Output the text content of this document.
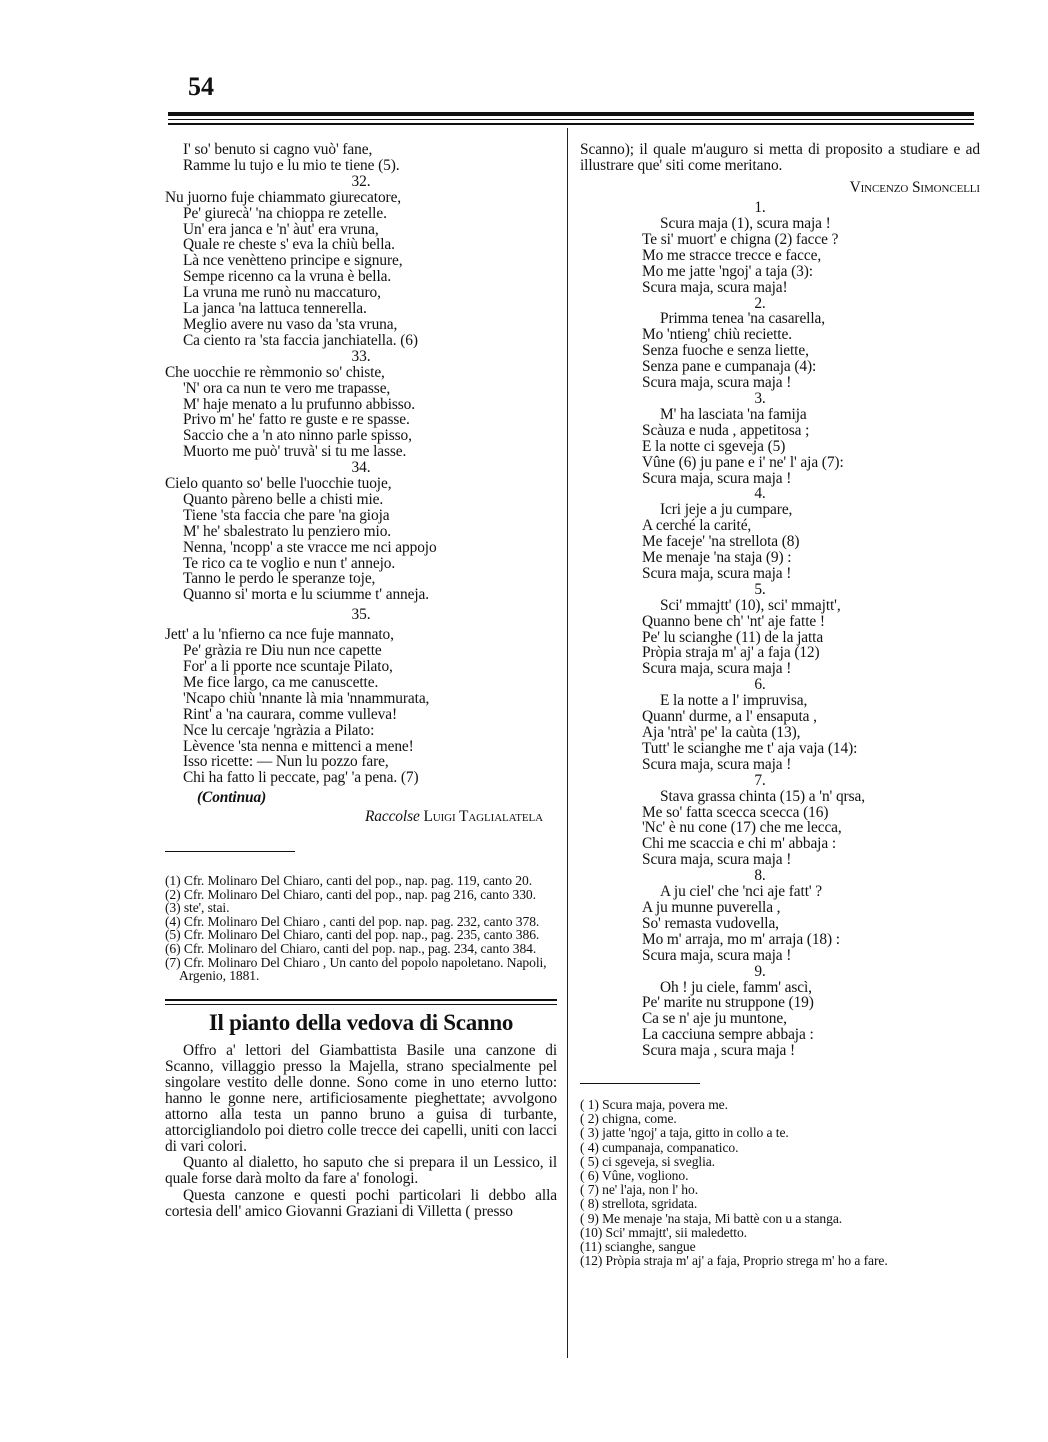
54
I' so' benuto si cagno vuò' fane,
Ramme lu tujo e lu mio te tiene (5).
32.
Nu juorno fuje chiammato giurecatore,
Pe' giurecà' 'na chioppa re zetelle.
Un' era janca e 'n' àut' era vruna,
Quale re cheste s' eva la chiù bella.
Là nce venètteno principe e signure,
Sempe ricenno ca la vruna è bella.
La vruna me runò nu maccaturo,
La janca 'na lattuca tennerella.
Meglio avere nu vaso da 'sta vruna,
Ca ciento ra 'sta faccia janchiatella. (6)
33.
Che uocchie re rèmmonio so' chiste,
'N' ora ca nun te vero me trapasse,
M' haje menato a lu prufunno abbisso.
Privo m' he' fatto re guste e re spasse.
Saccio che a 'n ato ninno parle spisso,
Muorto me può' truvà' si tu me lasse.
34.
Cielo quanto so' belle l'uocchie tuoje,
Quanto pàreno belle a chisti mie.
Tiene 'sta faccia che pare 'na gioja
M' he' sbalestrato lu penziero mio.
Nenna, 'ncopp' a ste vracce me nci appojo
Te rico ca te voglio e nun t' annejo.
Tanno le perdo le speranze toje,
Quanno si' morta e lu sciumme t' anneja.
35.
Jett' a lu 'nfierno ca nce fuje mannato,
Pe' gràzia re Diu nun nce capette
For' a li pporte nce scuntaje Pilato,
Me fice largo, ca me canuscette.
'Ncapo chiù 'nnante là mia 'nnammurata,
Rint' a 'na caurara, comme vulleva!
Nce lu cercaje 'ngràzia a Pilato:
Lèvence 'sta nenna e mittenci a mene!
Isso ricette: — Nun lu pozzo fare,
Chi ha fatto li peccate, pag' 'a pena. (7)
(Continua)
Raccolse Luigi Taglialatela
(1) Cfr. Molinaro Del Chiaro, canti del pop., nap. pag. 119, canto 20.
(2) Cfr. Molinaro Del Chiaro, canti del pop., nap. pag 216, canto 330.
(3) ste', stai.
(4) Cfr. Molinaro Del Chiaro , canti del pop. nap. pag. 232, canto 378.
(5) Cfr. Molinaro Del Chiaro, canti del pop. nap., pag. 235, canto 386.
(6) Cfr. Molinaro del Chiaro, canti del pop. nap., pag. 234, canto 384.
(7) Cfr. Molinaro Del Chiaro , Un canto del popolo napoletano. Napoli, Argenio, 1881.
Il pianto della vedova di Scanno

Offro a' lettori del Giambattista Basile una canzone di Scanno, villaggio presso la Majella, strano specialmente pel singolare vestito delle donne. Sono come in uno eterno lutto: hanno le gonne nere, artificiosamente pieghettate; avvolgono attorno alla testa un panno bruno a guisa di turbante, attorcigliandolo poi dietro colle trecce dei capelli, uniti con lacci di vari colori.

Quanto al dialetto, ho saputo che si prepara il un Lessico, il quale forse darà molto da fare a' fonologi.

Questa canzone e questi pochi particolari li debbo alla cortesia dell' amico Giovanni Graziani di Villetta ( presso

Scanno); il quale m'auguro si metta di proposito a studiare e ad illustrare que' siti come meritano.
Vincenzo Simoncelli
1.
Scura maja (1), scura maja !
Te si' muort' e chigna (2) facce ?
Mo me stracce trecce e facce,
Mo me jatte 'ngoj' a taja (3):
Scura maja, scura maja!
2.
Primma tenea 'na casarella,
Mo 'ntieng' chiù reciette.
Senza fuoche e senza liette,
Senza pane e cumpanaja (4):
Scura maja, scura maja !
3.
M' ha lasciata 'na famija
Scàuza e nuda , appetitosa ;
E la notte ci sgeveja (5)
Vûne (6) ju pane e i' ne' l' aja (7):
Scura maja, scura maja !
4.
Icri jeje a ju cumpare,
A cerché la carité,
Me faceje' 'na strellota (8)
Me menaje 'na staja (9) :
Scura maja, scura maja !
5.
Sci' mmajtt' (10), sci' mmajtt',
Quanno bene ch' 'nt' aje fatte !
Pe' lu scianghe (11) de la jatta
Pròpia straja m' aj' a faja (12)
Scura maja, scura maja !
6.
E la notte a l' impruvisa,
Quann' durme, a l' ensaputa ,
Aja 'ntrà' pe' la caùta (13),
Tutt' le scianghe me t' aja vaja (14):
Scura maja, scura maja !
7.
Stava grassa chinta (15) a 'n' qrsa,
Me so' fatta scecca scecca (16)
'Nc' è nu cone (17) che me lecca,
Chi me scaccia e chi m' abbaja :
Scura maja, scura maja !
8.
A ju ciel' che 'nci aje fatt' ?
A ju munne puverella ,
So' remasta vudovella,
Mo m' arraja, mo m' arraja (18) :
Scura maja, scura maja !
9.
Oh ! ju ciele, famm' ascì,
Pe' marite nu struppone (19)
Ca se n' aje ju muntone,
La cacciuna sempre abbaja :
Scura maja , scura maja !
( 1) Scura maja, povera me.
( 2) chigna, come.
( 3) jatte 'ngoj' a taja, gitto in collo a te.
( 4) cumpanaja, companatico.
( 5) ci sgeveja, si sveglia.
( 6) Vûne, vogliono.
( 7) ne' l'aja, non l' ho.
( 8) strellota, sgridata.
( 9) Me menaje 'na staja, Mi battè con u a stanga.
(10) Sci' mmajtt', sii maledetto.
(11) scianghe, sangue
(12) Pròpia straja m' aj' a faja, Proprio strega m' ho a fare.
